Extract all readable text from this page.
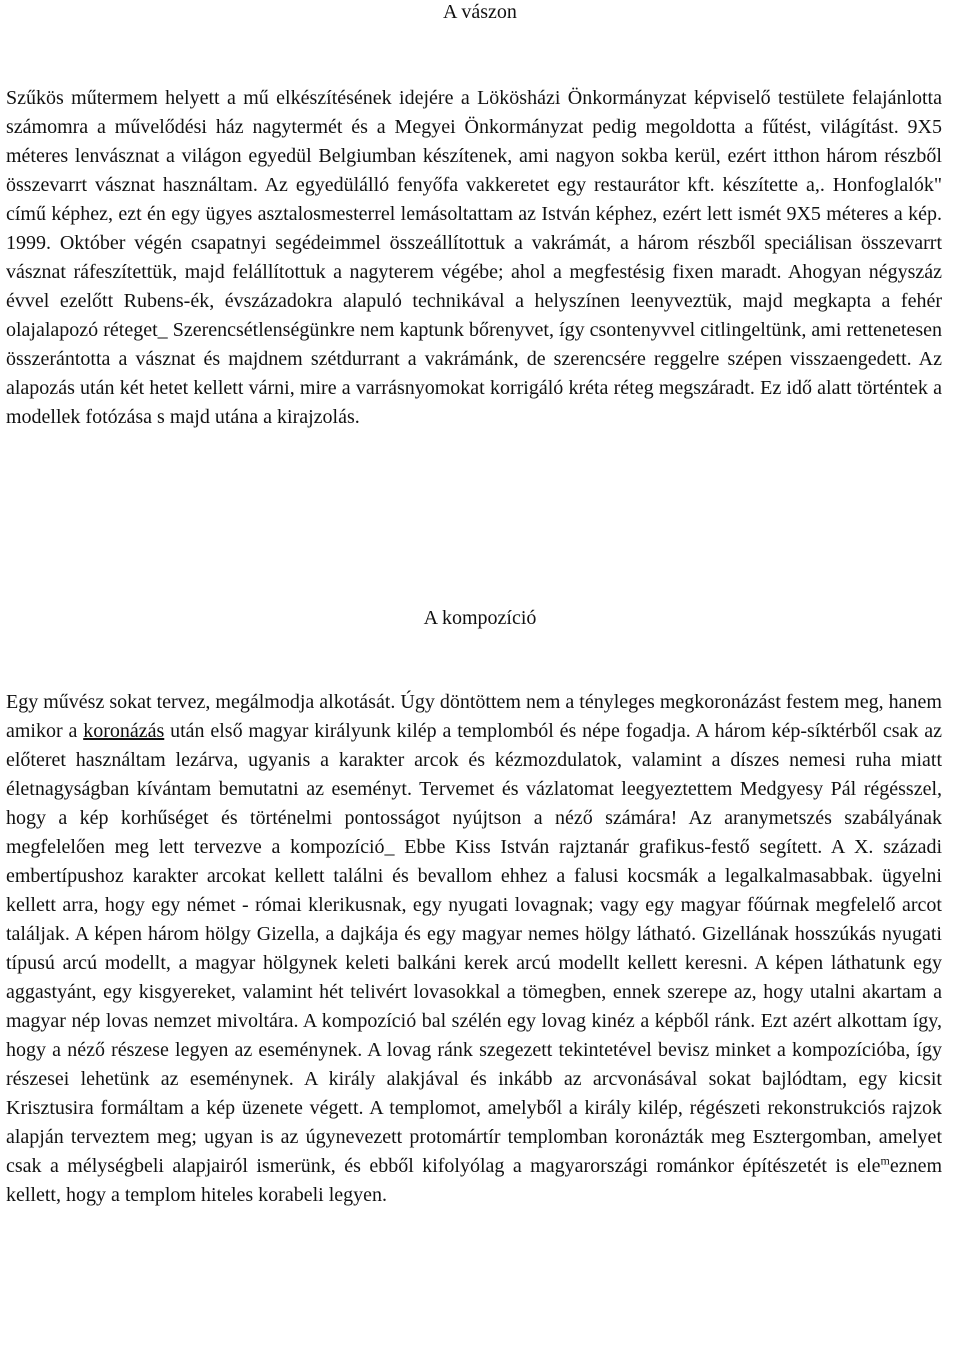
A vászon

Szűkös műtermem helyett a mű elkészítésének idejére a Lökösházi Önkormányzat képviselő testülete felajánlotta számomra a művelődési ház nagytermét és a Megyei Önkormányzat pedig megoldotta a fűtést, világítást. 9X5 méteres lenvásznat a világon egyedül Belgiumban készítenek, ami nagyon sokba kerül, ezért itthon három részből összevarrt vásznat használtam. Az egyedülálló fenyőfa vakkeretet egy restaurátor kft. készítette a,. Honfoglalók" című képhez, ezt én egy ügyes asztalosmesterrel lemásoltattam az István képhez, ezért lett ismét 9X5 méteres a kép. 1999. Október végén csapatnyi segédeimmel összeállítottuk a vakrámát, a három részből speciálisan összevarrt vásznat ráfeszítettük, majd felállítottuk a nagyterem végébe; ahol a megfestésig fixen maradt. Ahogyan négyszáz évvel ezelőtt Rubens-ék, évszázadokra alapuló technikával a helyszínen leenyveztük, majd megkapta a fehér olajalapozó réteget_ Szerencsétlenségünkre nem kaptunk bőrenyvet, így csontenyvvel citlingeltünk, ami rettenetesen összerántotta a vásznat és majdnem szétdurrant a vakrámánk, de szerencsére reggelre szépen visszaengedett. Az alapozás után két hetet kellett várni, mire a varrásnyomokat korrigáló kréta réteg megszáradt. Ez idő alatt történtek a modellek fotózása s majd utána a kirajzolás.

A kompozíció

Egy művész sokat tervez, megálmodja alkotását. Úgy döntöttem nem a tényleges megkoronázást festem meg, hanem amikor a koronázás után első magyar királyunk kilép a templomból és népe fogadja. A három kép-síktérből csak az előteret használtam lezárva, ugyanis a karakter arcok és kézmozdulatok, valamint a díszes nemesi ruha miatt életnagyságban kívántam bemutatni az eseményt. Tervemet és vázlatomat leegyeztettem Medgyesy Pál régésszel, hogy a kép korhűséget és történelmi pontosságot nyújtson a néző számára! Az aranymetszés szabályának megfelelően meg lett tervezve a kompozíció_ Ebbe Kiss István rajztanár grafikus-festő segített. A X. századi embertípushoz karakter arcokat kellett találni és bevallom ehhez a falusi kocsmák a legalkalmasabbak. ügyelni kellett arra, hogy egy német - római klerikusnak, egy nyugati lovagnak; vagy egy magyar főúrnak megfelelő arcot találjak. A képen három hölgy Gizella, a dajkája és egy magyar nemes hölgy látható. Gizellának hosszúkás nyugati típusú arcú modellt, a magyar hölgynek keleti balkáni kerek arcú modellt kellett keresni. A képen láthatunk egy aggastyánt, egy kisgyereket, valamint hét telivért lovasokkal a tömegben, ennek szerepe az, hogy utalni akartam a magyar nép lovas nemzet mivoltára. A kompozíció bal szélén egy lovag kinéz a képből ránk. Ezt azért alkottam így, hogy a néző részese legyen az eseménynek. A lovag ránk szegezett tekintetével bevisz minket a kompozícióba, így részesei lehetünk az eseménynek. A király alakjával és inkább az arcvonásával sokat bajlódtam, egy kicsit Krisztusira formáltam a kép üzenete végett. A templomot, amelyből a király kilép, régészeti rekonstrukciós rajzok alapján terveztem meg; ugyan is az úgynevezett protomártír templomban koronázták meg Esztergomban, amelyet csak a mélységbeli alapjairól ismerünk, és ebből kifolyólag a magyarországi románkor építészetét is ele$^m$eznem kellett, hogy a templom hiteles korabeli legyen.
